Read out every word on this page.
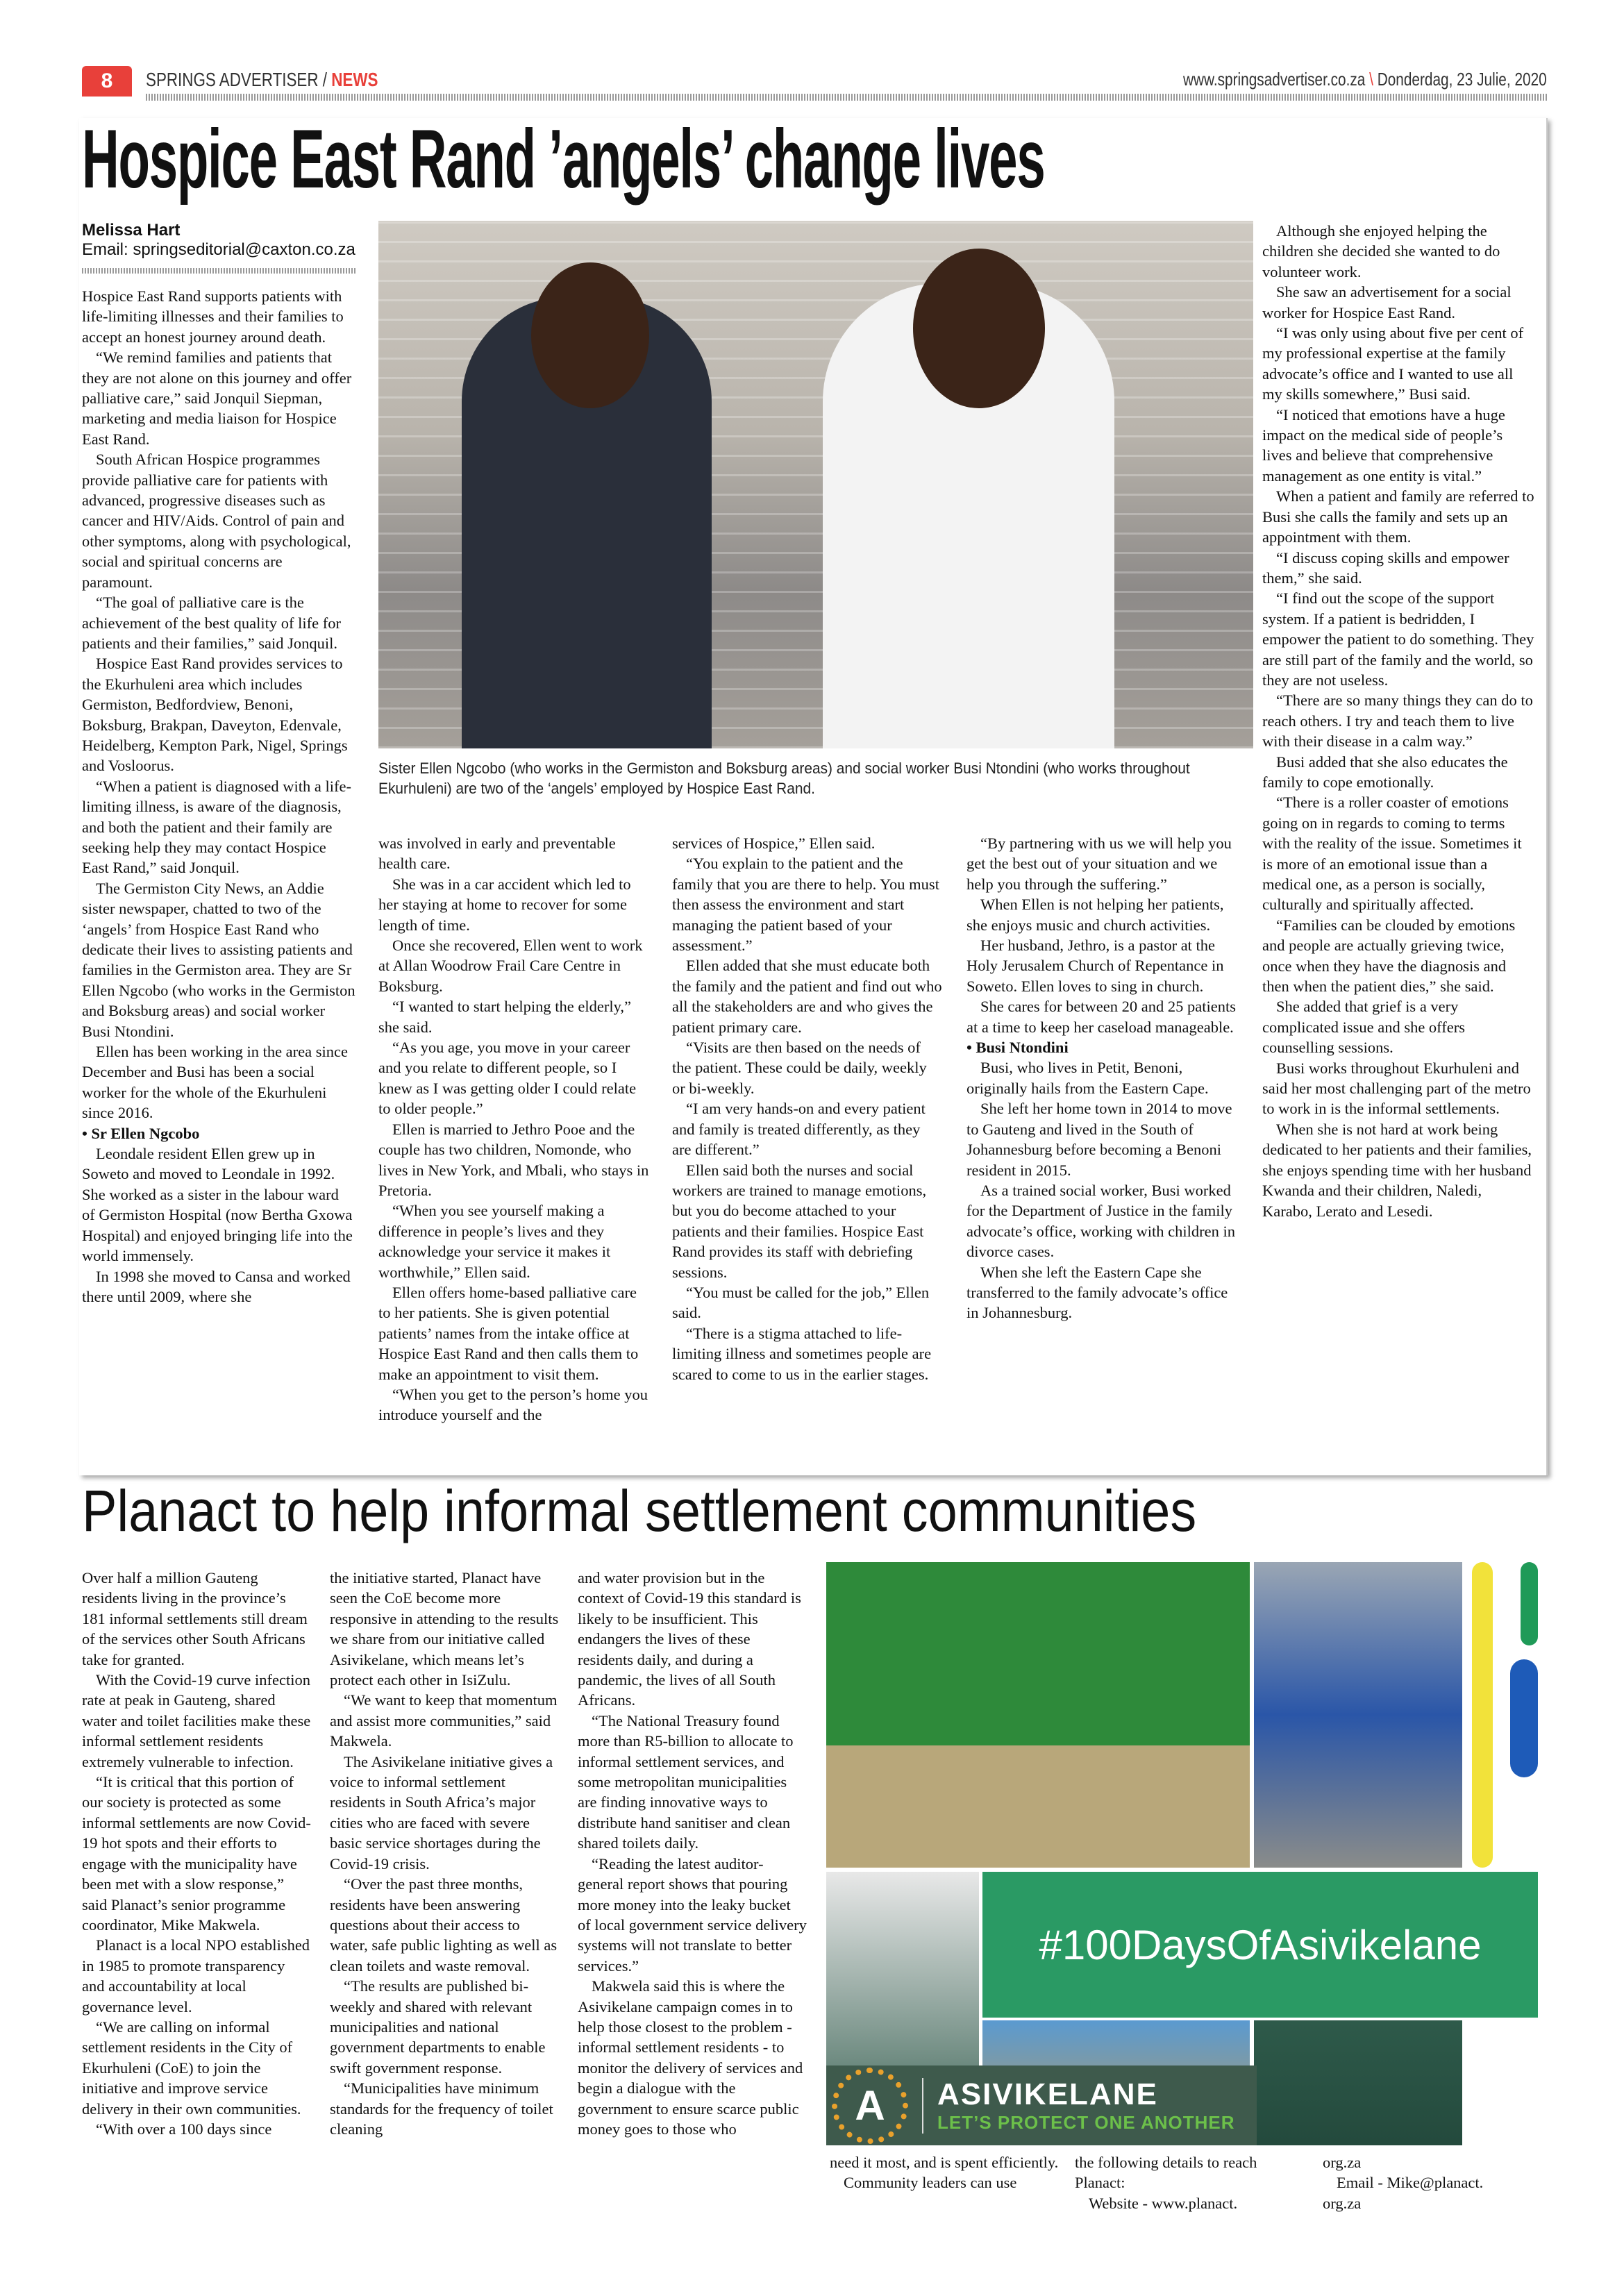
8	SPRINGS ADVERTISER / NEWS	www.springsadvertiser.co.za \ Donderdag, 23 Julie, 2020
Hospice East Rand ’angels’ change lives
Melissa Hart
Email: springseditorial@caxton.co.za

Hospice East Rand supports patients with life-limiting illnesses and their families to accept an honest journey around death.

“We remind families and patients that they are not alone on this journey and offer palliative care,” said Jonquil Siepman, marketing and media liaison for Hospice East Rand.

South African Hospice programmes provide palliative care for patients with advanced, progressive diseases such as cancer and HIV/Aids. Control of pain and other symptoms, along with psychological, social and spiritual concerns are paramount.

“The goal of palliative care is the achievement of the best quality of life for patients and their families,” said Jonquil.

Hospice East Rand provides services to the Ekurhuleni area which includes Germiston, Bedfordview, Benoni, Boksburg, Brakpan, Daveyton, Edenvale, Heidelberg, Kempton Park, Nigel, Springs and Vosloorus.

“When a patient is diagnosed with a life-limiting illness, is aware of the diagnosis, and both the patient and their family are seeking help they may contact Hospice East Rand,” said Jonquil.

The Germiston City News, an Addie sister newspaper, chatted to two of the ‘angels’ from Hospice East Rand who dedicate their lives to assisting patients and families in the Germiston area. They are Sr Ellen Ngcobo (who works in the Germiston and Boksburg areas) and social worker Busi Ntondini.

Ellen has been working in the area since December and Busi has been a social worker for the whole of the Ekurhuleni since 2016.

• Sr Ellen Ngcobo

Leondale resident Ellen grew up in Soweto and moved to Leondale in 1992. She worked as a sister in the labour ward of Germiston Hospital (now Bertha Gxowa Hospital) and enjoyed bringing life into the world immensely.

In 1998 she moved to Cansa and worked there until 2009, where she

Sister Ellen Ngcobo (who works in the Germiston and Boksburg areas) and social worker Busi Ntondini (who works throughout Ekurhuleni) are two of the ‘angels’ employed by Hospice East Rand.

was involved in early and preventable health care.

She was in a car accident which led to her staying at home to recover for some length of time.

Once she recovered, Ellen went to work at Allan Woodrow Frail Care Centre in Boksburg.

“I wanted to start helping the elderly,” she said.

“As you age, you move in your career and you relate to different people, so I knew as I was getting older I could relate to older people.”

Ellen is married to Jethro Pooe and the couple has two children, Nomonde, who lives in New York, and Mbali, who stays in Pretoria.

“When you see yourself making a difference in people’s lives and they acknowledge your service it makes it worthwhile,” Ellen said.

Ellen offers home-based palliative care to her patients. She is given potential patients’ names from the intake office at Hospice East Rand and then calls them to make an appointment to visit them.

“When you get to the person’s home you introduce yourself and the

services of Hospice,” Ellen said.

“You explain to the patient and the family that you are there to help. You must then assess the environment and start managing the patient based of your assessment.”

Ellen added that she must educate both the family and the patient and find out who all the stakeholders are and who gives the patient primary care.

“Visits are then based on the needs of the patient. These could be daily, weekly or bi-weekly.

“I am very hands-on and every patient and family is treated differently, as they are different.”

Ellen said both the nurses and social workers are trained to manage emotions, but you do become attached to your patients and their families. Hospice East Rand provides its staff with debriefing sessions.

“You must be called for the job,” Ellen said.

“There is a stigma attached to life-limiting illness and sometimes people are scared to come to us in the earlier stages.

“By partnering with us we will help you get the best out of your situation and we help you through the suffering.”

When Ellen is not helping her patients, she enjoys music and church activities.

Her husband, Jethro, is a pastor at the Holy Jerusalem Church of Repentance in Soweto. Ellen loves to sing in church.

She cares for between 20 and 25 patients at a time to keep her caseload manageable.

• Busi Ntondini

Busi, who lives in Petit, Benoni, originally hails from the Eastern Cape.

She left her home town in 2014 to move to Gauteng and lived in the South of Johannesburg before becoming a Benoni resident in 2015.

As a trained social worker, Busi worked for the Department of Justice in the family advocate’s office, working with children in divorce cases.

When she left the Eastern Cape she transferred to the family advocate’s office in Johannesburg.

Although she enjoyed helping the children she decided she wanted to do volunteer work.

She saw an advertisement for a social worker for Hospice East Rand.

“I was only using about five per cent of my professional expertise at the family advocate’s office and I wanted to use all my skills somewhere,” Busi said.

“I noticed that emotions have a huge impact on the medical side of people’s lives and believe that comprehensive management as one entity is vital.”

When a patient and family are referred to Busi she calls the family and sets up an appointment with them.

“I discuss coping skills and empower them,” she said.

“I find out the scope of the support system. If a patient is bedridden, I empower the patient to do something. They are still part of the family and the world, so they are not useless.

“There are so many things they can do to reach others. I try and teach them to live with their disease in a calm way.”

Busi added that she also educates the family to cope emotionally.

“There is a roller coaster of emotions going on in regards to coming to terms with the reality of the issue. Sometimes it is more of an emotional issue than a medical one, as a person is socially, culturally and spiritually affected.

“Families can be clouded by emotions and people are actually grieving twice, once when they have the diagnosis and then when the patient dies,” she said.

She added that grief is a very complicated issue and she offers counselling sessions.

Busi works throughout Ekurhuleni and said her most challenging part of the metro to work in is the informal settlements.

When she is not hard at work being dedicated to her patients and their families, she enjoys spending time with her husband Kwanda and their children, Naledi, Karabo, Lerato and Lesedi.

Planact to help informal settlement communities

Over half a million Gauteng residents living in the province’s 181 informal settlements still dream of the services other South Africans take for granted.

With the Covid-19 curve infection rate at peak in Gauteng, shared water and toilet facilities make these informal settlement residents extremely vulnerable to infection.

“It is critical that this portion of our society is protected as some informal settlements are now Covid-19 hot spots and their efforts to engage with the municipality have been met with a slow response,” said Planact’s senior programme coordinator, Mike Makwela.

Planact is a local NPO established in 1985 to promote transparency and accountability at local governance level.

“We are calling on informal settlement residents in the City of Ekurhuleni (CoE) to join the initiative and improve service delivery in their own communities.

“With over a 100 days since

the initiative started, Planact have seen the CoE become more responsive in attending to the results we share from our initiative called Asivikelane, which means let’s protect each other in IsiZulu.

“We want to keep that momentum and assist more communities,” said Makwela.

The Asivikelane initiative gives a voice to informal settlement residents in South Africa’s major cities who are faced with severe basic service shortages during the Covid-19 crisis.

“Over the past three months, residents have been answering questions about their access to water, safe public lighting as well as clean toilets and waste removal.

“The results are published bi-weekly and shared with relevant municipalities and national government departments to enable swift government response.

“Municipalities have minimum standards for the frequency of toilet cleaning

and water provision but in the context of Covid-19 this standard is likely to be insufficient. This endangers the lives of these residents daily, and during a pandemic, the lives of all South Africans.

“The National Treasury found more than R5-billion to allocate to informal settlement services, and some metropolitan municipalities are finding innovative ways to distribute hand sanitiser and clean shared toilets daily.

“Reading the latest auditor-general report shows that pouring more money into the leaky bucket of local government service delivery systems will not translate to better services.”

Makwela said this is where the Asivikelane campaign comes in to help those closest to the problem - informal settlement residents - to monitor the delivery of services and begin a dialogue with the government to ensure scarce public money goes to those who

#100DaysOfAsivikelane
A	ASIVIKELANE
LET’S PROTECT ONE ANOTHER

need it most, and is spent efficiently.

Community leaders can use

the following details to reach Planact:

Website - www.planact.

org.za

Email - Mike@planact.

org.za
